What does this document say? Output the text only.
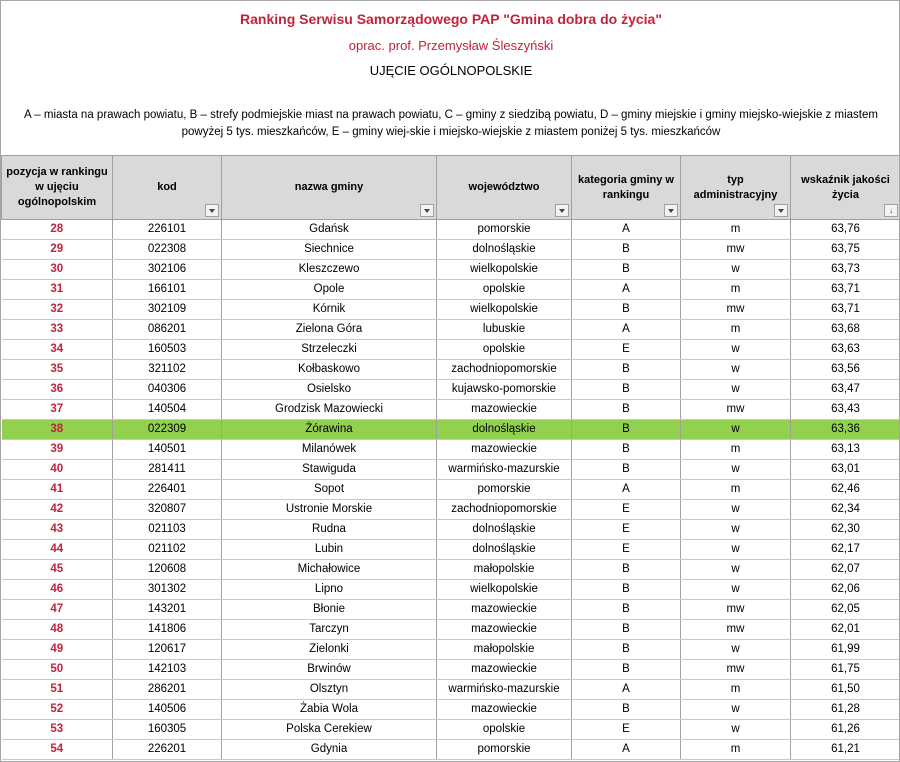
Ranking Serwisu Samorządowego PAP "Gmina dobra do życia"
oprac. prof. Przemysław Śleszyński
UJĘCIE OGÓLNOPOLSKIE
A – miasta na prawach powiatu, B – strefy podmiejskie miast na prawach powiatu, C – gminy z siedzibą powiatu, D – gminy miejskie i gminy miejsko-wiejskie z miastem powyżej 5 tys. mieszkańców, E – gminy wiej-skie i miejsko-wiejskie z miastem poniżej 5 tys. mieszkańców
pozycja w rankingu w ujęciu ogólnopolskim	kod	nazwa gminy	województwo	kategoria gminy w rankingu	typ administracyjny	wskaźnik jakości życia
↓

28	226101	Gdańsk	pomorskie	A	m	63,76
29	022308	Siechnice	dolnośląskie	B	mw	63,75
30	302106	Kleszczewo	wielkopolskie	B	w	63,73
31	166101	Opole	opolskie	A	m	63,71
32	302109	Kórnik	wielkopolskie	B	mw	63,71
33	086201	Zielona Góra	lubuskie	A	m	63,68
34	160503	Strzeleczki	opolskie	E	w	63,63
35	321102	Kołbaskowo	zachodniopomorskie	B	w	63,56
36	040306	Osielsko	kujawsko-pomorskie	B	w	63,47
37	140504	Grodzisk Mazowiecki	mazowieckie	B	mw	63,43
38	022309	Żórawina	dolnośląskie	B	w	63,36
39	140501	Milanówek	mazowieckie	B	m	63,13
40	281411	Stawiguda	warmińsko-mazurskie	B	w	63,01
41	226401	Sopot	pomorskie	A	m	62,46
42	320807	Ustronie Morskie	zachodniopomorskie	E	w	62,34
43	021103	Rudna	dolnośląskie	E	w	62,30
44	021102	Lubin	dolnośląskie	E	w	62,17
45	120608	Michałowice	małopolskie	B	w	62,07
46	301302	Lipno	wielkopolskie	B	w	62,06
47	143201	Błonie	mazowieckie	B	mw	62,05
48	141806	Tarczyn	mazowieckie	B	mw	62,01
49	120617	Zielonki	małopolskie	B	w	61,99
50	142103	Brwinów	mazowieckie	B	mw	61,75
51	286201	Olsztyn	warmińsko-mazurskie	A	m	61,50
52	140506	Żabia Wola	mazowieckie	B	w	61,28
53	160305	Polska Cerekiew	opolskie	E	w	61,26
54	226201	Gdynia	pomorskie	A	m	61,21
